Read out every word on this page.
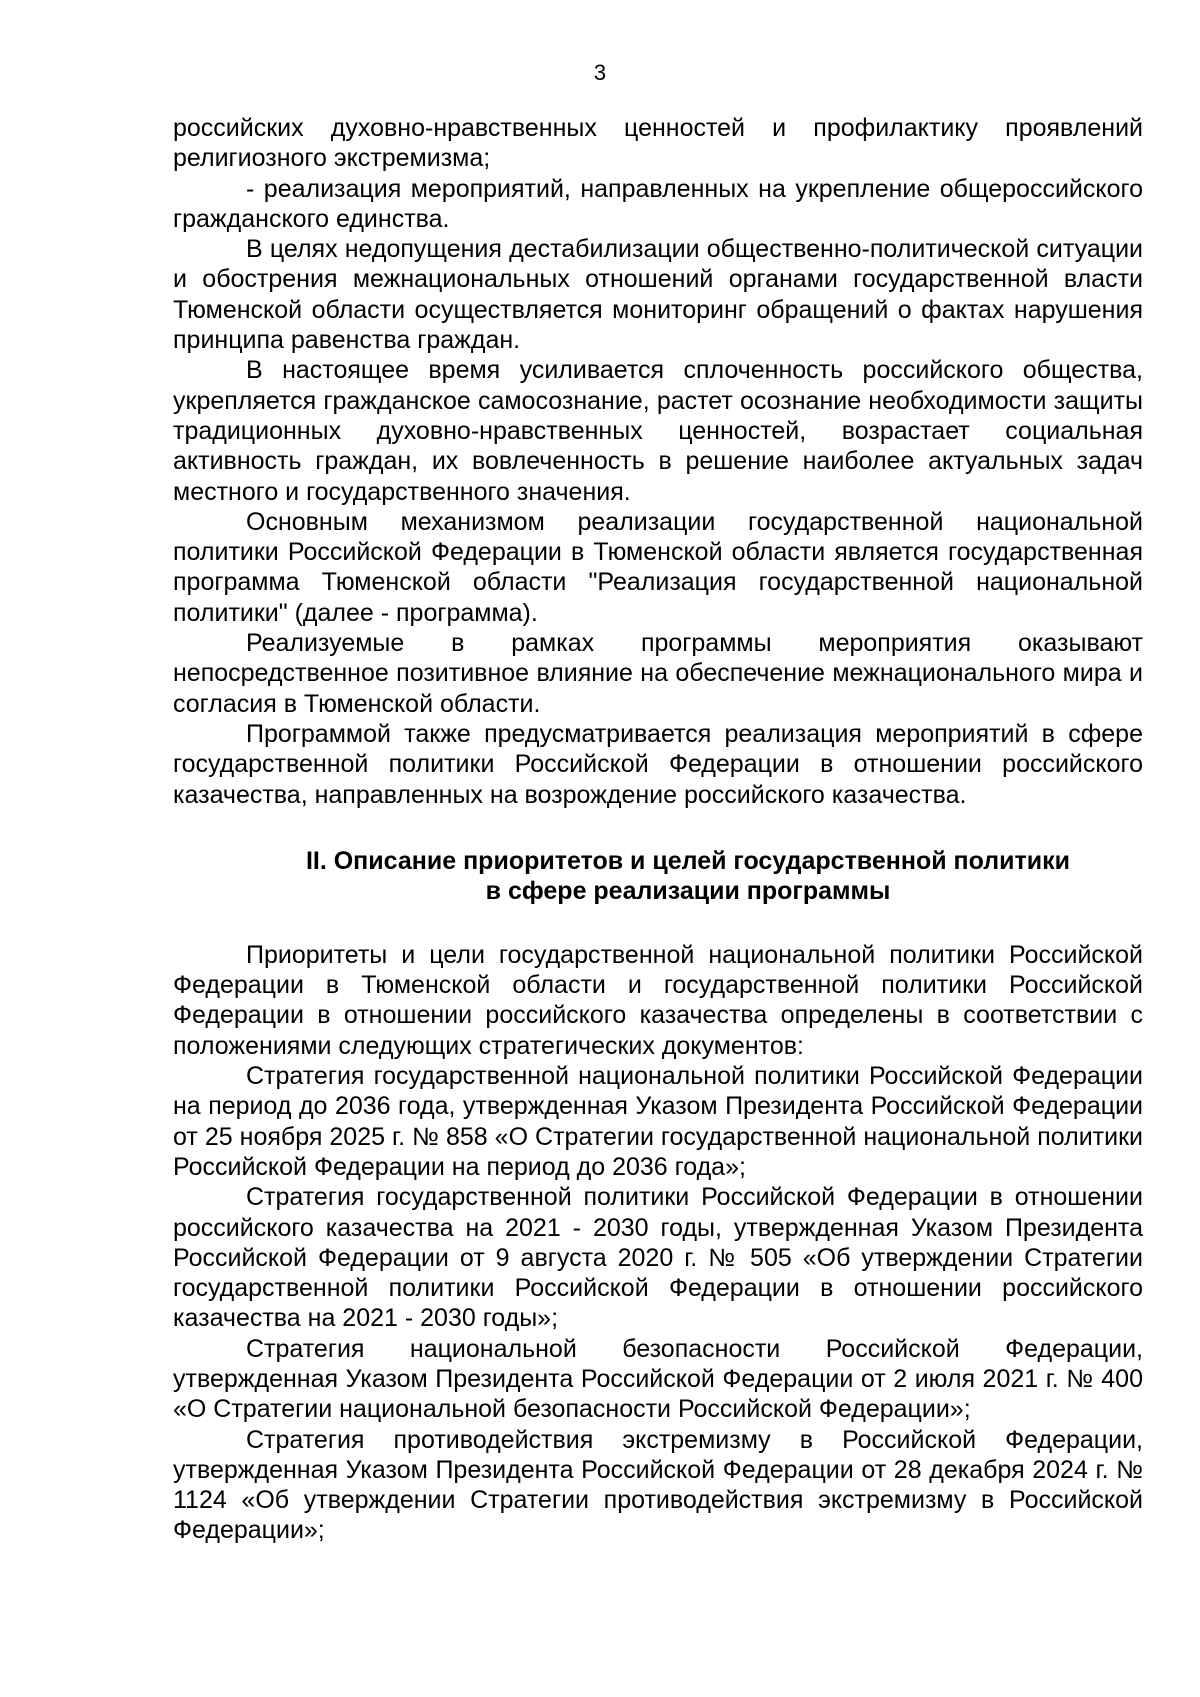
3

российских духовно-нравственных ценностей и профилактику проявлений религиозного экстремизма;

- реализация мероприятий, направленных на укрепление общероссийского гражданского единства.

В целях недопущения дестабилизации общественно-политической ситуации и обострения межнациональных отношений органами государственной власти Тюменской области осуществляется мониторинг обращений о фактах нарушения принципа равенства граждан.

В настоящее время усиливается сплоченность российского общества, укрепляется гражданское самосознание, растет осознание необходимости защиты традиционных духовно-нравственных ценностей, возрастает социальная активность граждан, их вовлеченность в решение наиболее актуальных задач местного и государственного значения.

Основным механизмом реализации государственной национальной политики Российской Федерации в Тюменской области является государственная программа Тюменской области "Реализация государственной национальной политики" (далее - программа).

Реализуемые в рамках программы мероприятия оказывают непосредственное позитивное влияние на обеспечение межнационального мира и согласия в Тюменской области.

Программой также предусматривается реализация мероприятий в сфере государственной политики Российской Федерации в отношении российского казачества, направленных на возрождение российского казачества.

II. Описание приоритетов и целей государственной политики
в сфере реализации программы

Приоритеты и цели государственной национальной политики Российской Федерации в Тюменской области и государственной политики Российской Федерации в отношении российского казачества определены в соответствии с положениями следующих стратегических документов:

Стратегия государственной национальной политики Российской Федерации на период до 2036 года, утвержденная Указом Президента Российской Федерации от 25 ноября 2025 г. № 858 «О Стратегии государственной национальной политики Российской Федерации на период до 2036 года»;

Стратегия государственной политики Российской Федерации в отношении российского казачества на 2021 - 2030 годы, утвержденная Указом Президента Российской Федерации от 9 августа 2020 г. № 505 «Об утверждении Стратегии государственной политики Российской Федерации в отношении российского казачества на 2021 - 2030 годы»;

Стратегия национальной безопасности Российской Федерации, утвержденная Указом Президента Российской Федерации от 2 июля 2021 г. № 400 «О Стратегии национальной безопасности Российской Федерации»;

Стратегия противодействия экстремизму в Российской Федерации, утвержденная Указом Президента Российской Федерации от 28 декабря 2024 г. № 1124 «Об утверждении Стратегии противодействия экстремизму в Российской Федерации»;
